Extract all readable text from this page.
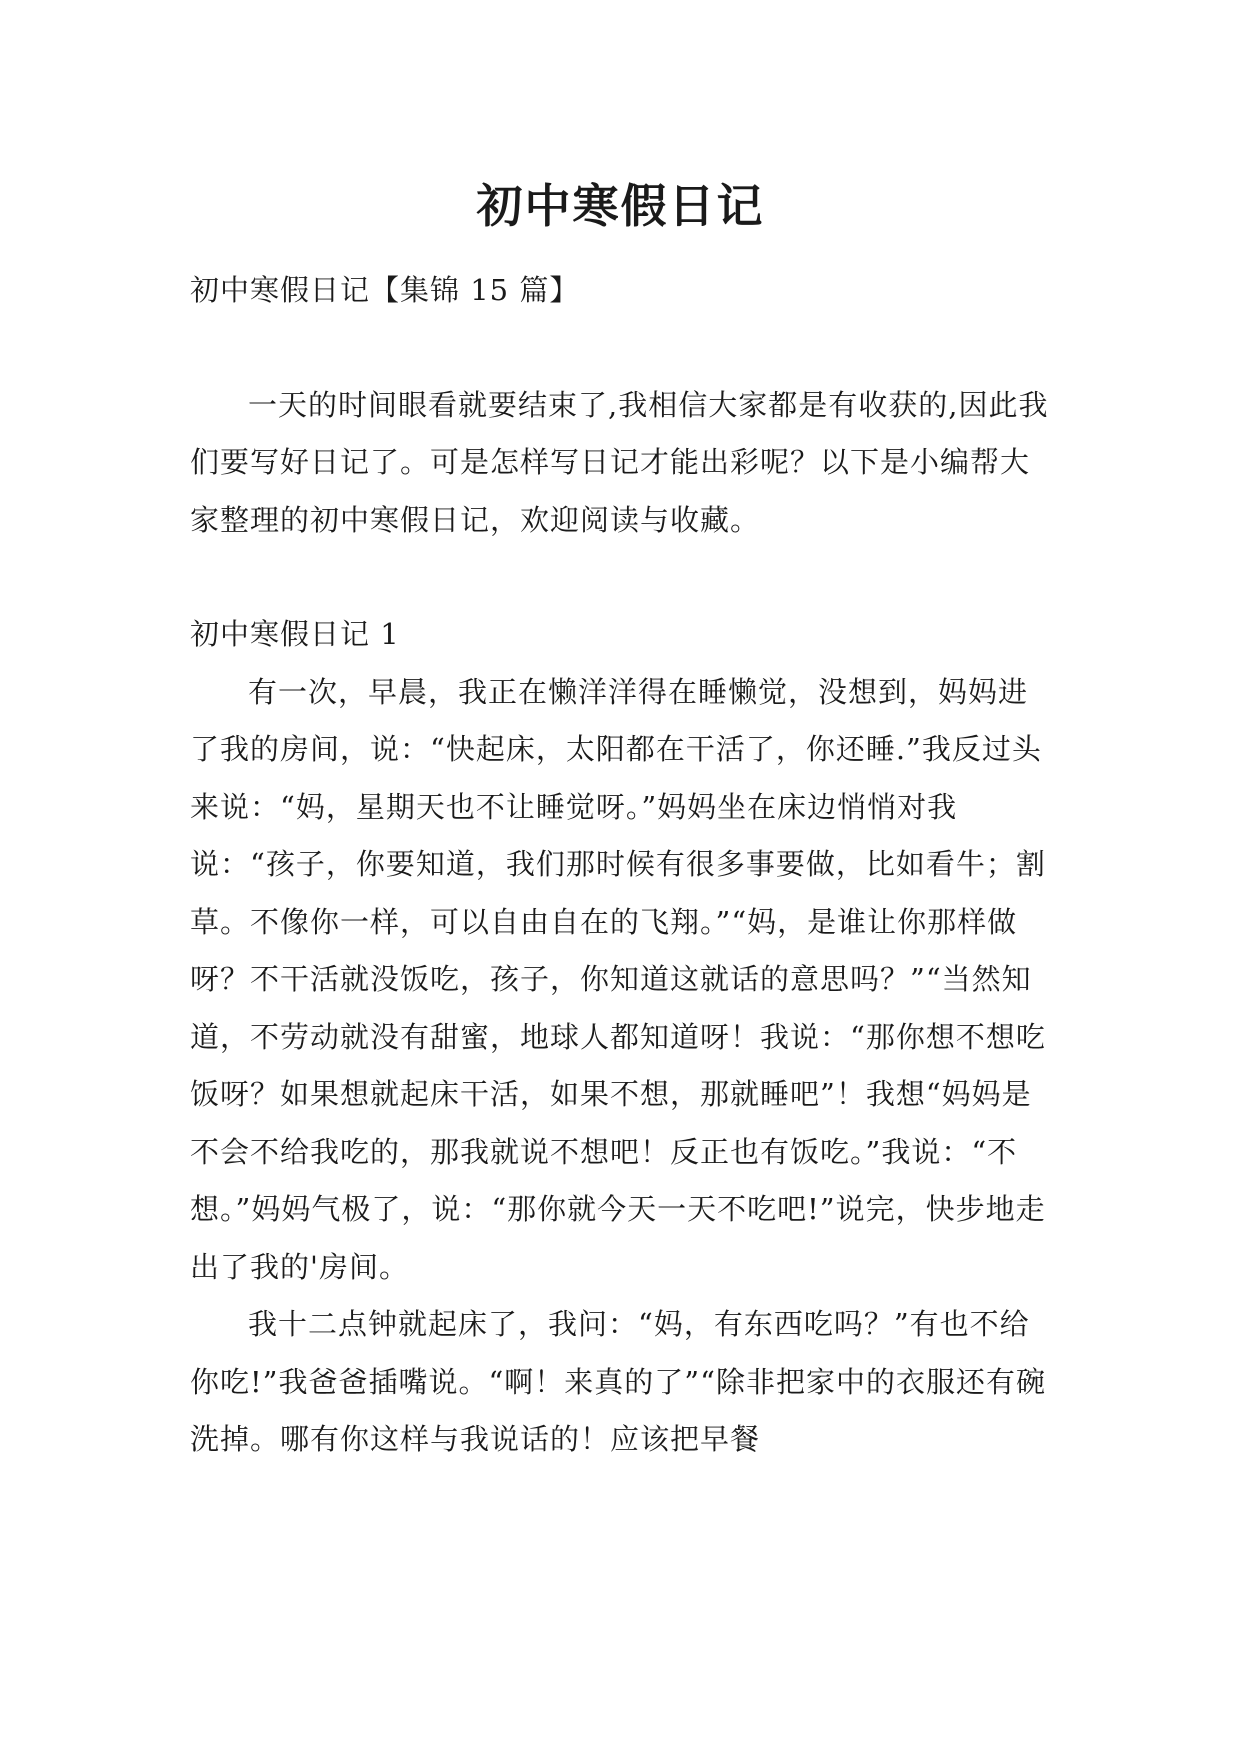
初中寒假日记

初中寒假日记【集锦 15 篇】

一天的时间眼看就要结束了,我相信大家都是有收获的,因此我们要写好日记了。可是怎样写日记才能出彩呢？以下是小编帮大家整理的初中寒假日记，欢迎阅读与收藏。

初中寒假日记 1

有一次，早晨，我正在懒洋洋得在睡懒觉，没想到，妈妈进了我的房间，说：“快起床，太阳都在干活了，你还睡.”我反过头来说：“妈，星期天也不让睡觉呀。”妈妈坐在床边悄悄对我说：“孩子，你要知道，我们那时候有很多事要做，比如看牛；割草。不像你一样，可以自由自在的飞翔。”“妈，是谁让你那样做呀？不干活就没饭吃，孩子，你知道这就话的意思吗？”“当然知道，不劳动就没有甜蜜，地球人都知道呀！我说：“那你想不想吃饭呀？如果想就起床干活，如果不想，那就睡吧”！我想“妈妈是不会不给我吃的，那我就说不想吧！反正也有饭吃。”我说：“不想。”妈妈气极了，说：“那你就今天一天不吃吧!”说完，快步地走出了我的'房间。

我十二点钟就起床了，我问：“妈，有东西吃吗？”有也不给你吃!”我爸爸插嘴说。“啊！来真的了”“除非把家中的衣服还有碗洗掉。哪有你这样与我说话的！应该把早餐
